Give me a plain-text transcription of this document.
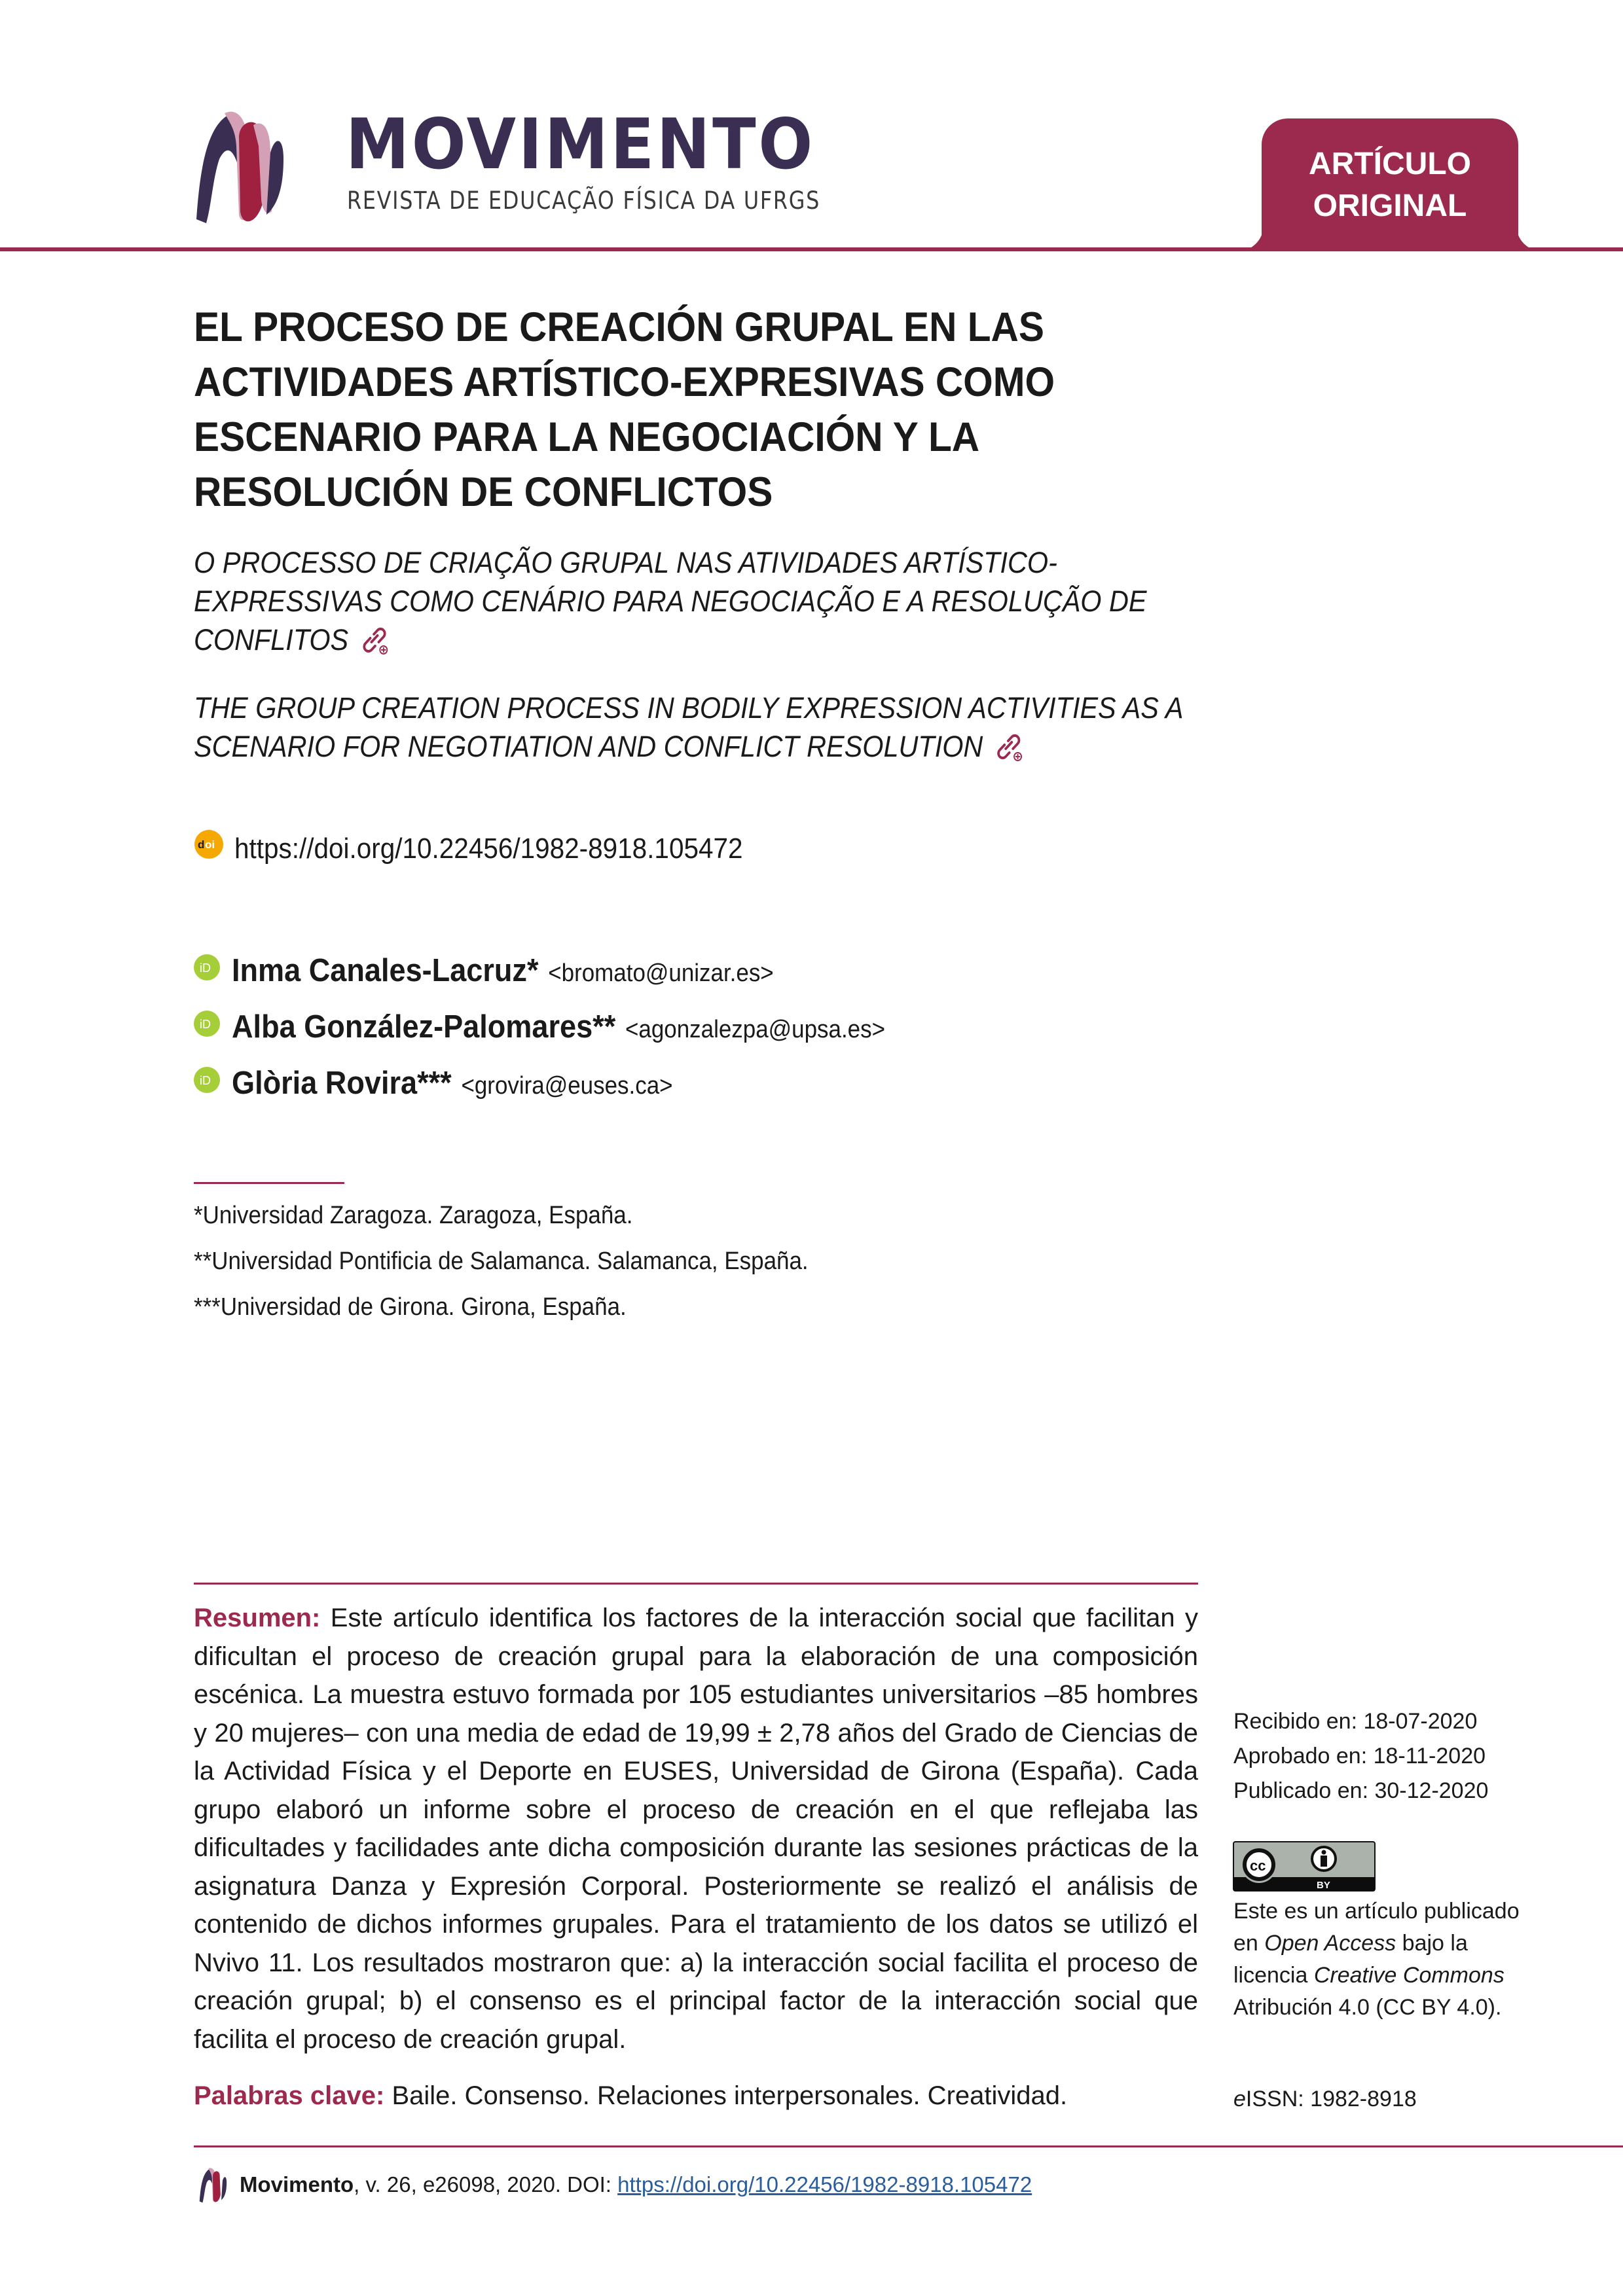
MOVIMENTO
REVISTA DE EDUCAÇÃO FÍSICA DA UFRGS
ARTÍCULO
ORIGINAL
EL PROCESO DE CREACIÓN GRUPAL EN LAS ACTIVIDADES ARTÍSTICO-EXPRESIVAS COMO ESCENARIO PARA LA NEGOCIACIÓN Y LA RESOLUCIÓN DE CONFLICTOS
O PROCESSO DE CRIAÇÃO GRUPAL NAS ATIVIDADES ARTÍSTICO-EXPRESSIVAS COMO CENÁRIO PARA NEGOCIAÇÃO E A RESOLUÇÃO DE CONFLITOS
THE GROUP CREATION PROCESS IN BODILY EXPRESSION ACTIVITIES AS A SCENARIO FOR NEGOTIATION AND CONFLICT RESOLUTION
d oi https://doi.org/10.22456/1982-8918.105472
iD Inma Canales-Lacruz* <bromato@unizar.es>
iD Alba González-Palomares** <agonzalezpa@upsa.es>
iD Glòria Rovira*** <grovira@euses.ca>
*Universidad Zaragoza. Zaragoza, España.
**Universidad Pontificia de Salamanca. Salamanca, España.
***Universidad de Girona. Girona, España.
Resumen: Este artículo identifica los factores de la interacción social que facilitan y dificultan el proceso de creación grupal para la elaboración de una composición escénica. La muestra estuvo formada por 105 estudiantes universitarios –85 hombres y 20 mujeres– con una media de edad de 19,99 ± 2,78 años del Grado de Ciencias de la Actividad Física y el Deporte en EUSES, Universidad de Girona (España). Cada grupo elaboró un informe sobre el proceso de creación en el que reflejaba las dificultades y facilidades ante dicha composición durante las sesiones prácticas de la asignatura Danza y Expresión Corporal. Posteriormente se realizó el análisis de contenido de dichos informes grupales. Para el tratamiento de los datos se utilizó el Nvivo 11. Los resultados mostraron que: a) la interacción social facilita el proceso de creación grupal; b) el consenso es el principal factor de la interacción social que facilita el proceso de creación grupal.
Palabras clave: Baile. Consenso. Relaciones interpersonales. Creatividad.
Recibido en: 18-07-2020
Aprobado en: 18-11-2020
Publicado en: 30-12-2020
cc
BY
Este es un artículo publicado en Open Access bajo la licencia Creative Commons Atribución 4.0 (CC BY 4.0).
eISSN: 1982-8918
Movimento , v. 26, e26098, 2020. DOI: https://doi.org/10.22456/1982-8918.105472
